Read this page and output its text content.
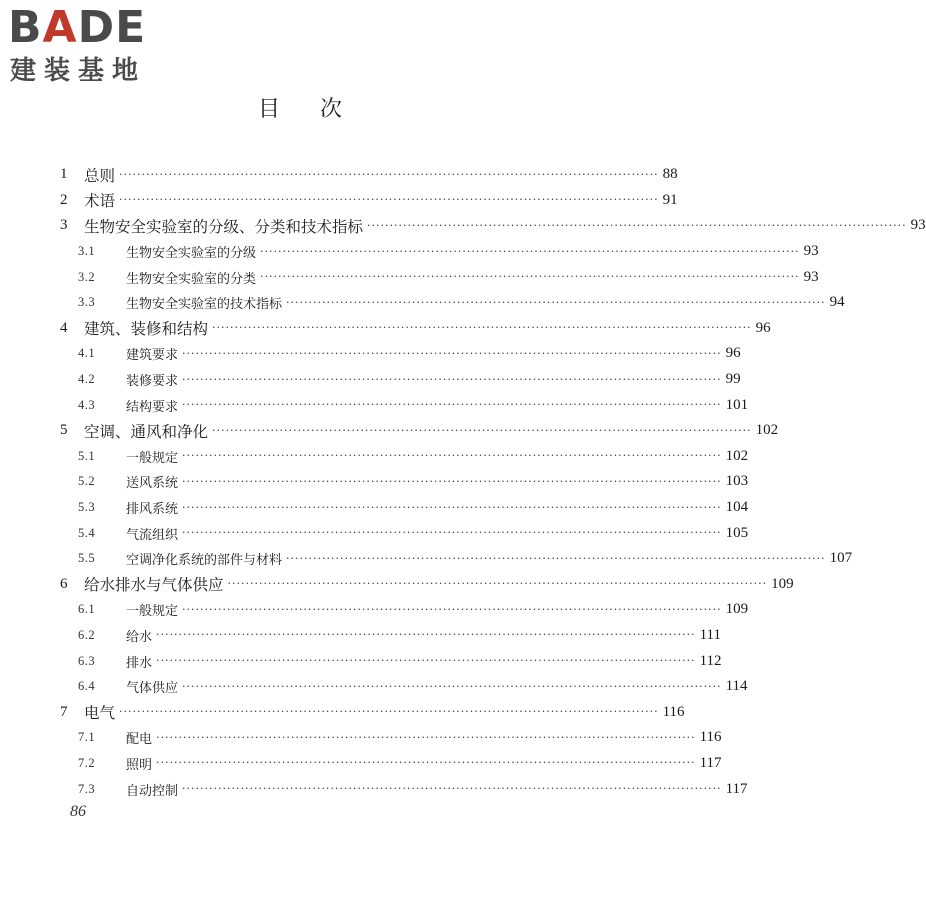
BADE
建装基地
目次
1	总则 ························································································································ 88
2	术语 ························································································································ 91
3	生物安全实验室的分级、分类和技术指标 ························································································································ 93
3.1	生物安全实验室的分级 ························································································································ 93
3.2	生物安全实验室的分类 ························································································································ 93
3.3	生物安全实验室的技术指标 ························································································································ 94
4	建筑、装修和结构 ························································································································ 96
4.1	建筑要求 ························································································································ 96
4.2	装修要求 ························································································································ 99
4.3	结构要求 ························································································································ 101
5	空调、通风和净化 ························································································································ 102
5.1	一般规定 ························································································································ 102
5.2	送风系统 ························································································································ 103
5.3	排风系统 ························································································································ 104
5.4	气流组织 ························································································································ 105
5.5	空调净化系统的部件与材料 ························································································································ 107
6	给水排水与气体供应 ························································································································ 109
6.1	一般规定 ························································································································ 109
6.2	给水 ························································································································ 111
6.3	排水 ························································································································ 112
6.4	气体供应 ························································································································ 114
7	电气 ························································································································ 116
7.1	配电 ························································································································ 116
7.2	照明 ························································································································ 117
7.3	自动控制 ························································································································ 117
86
